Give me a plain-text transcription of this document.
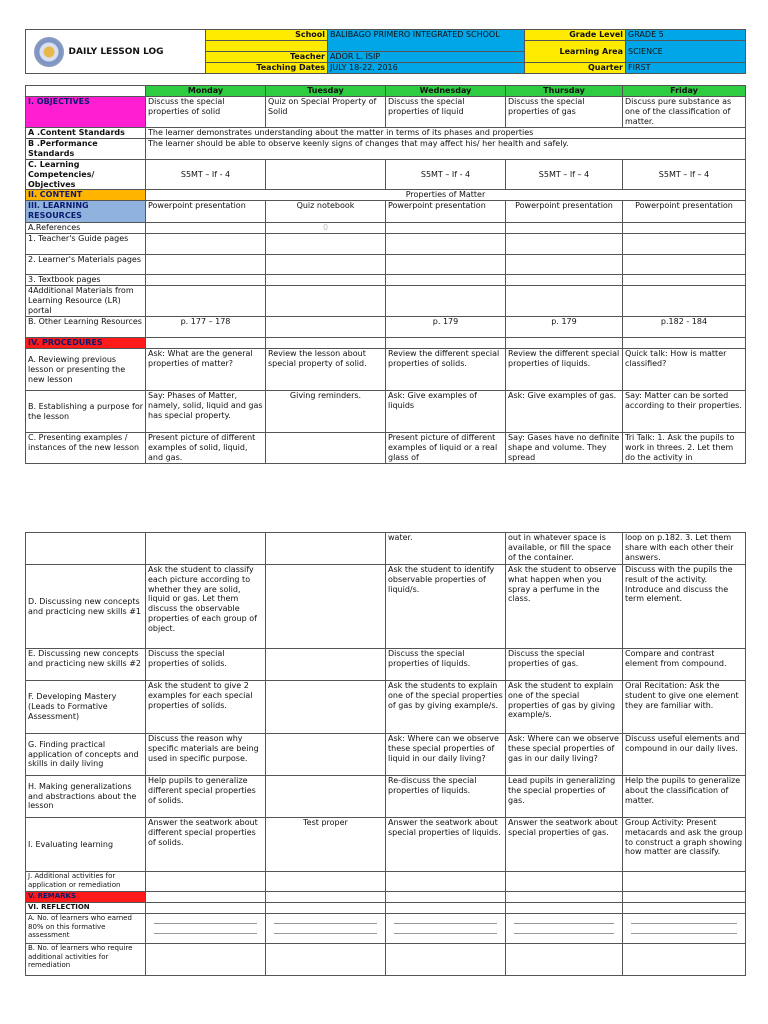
DAILY LESSON LOG	School	BALIBAGO PRIMERO INTEGRATED SCHOOL	Grade Level	GRADE 5
			Learning Area	SCIENCE
	Teacher	ADOR L. ISIP		
	Teaching Dates	JULY 18-22, 2016	Quarter	FIRST
	Monday	Tuesday	Wednesday	Thursday	Friday
I. OBJECTIVES	Discuss the special properties of solid	Quiz on Special Property of Solid	Discuss the special properties of liquid	Discuss the special properties of gas	Discuss pure substance as one of the classification of matter.
A .Content Standards	The learner demonstrates understanding about the matter in terms of its phases and properties				
B .Performance Standards	The learner should be able to observe keenly signs of changes that may affect his/ her health and safely.				
C. Learning Competencies/ Objectives	S5MT – If - 4		S5MT – If - 4	S5MT – If – 4	S5MT – If – 4
II. CONTENT	Properties of Matter				
III. LEARNING RESOURCES	Powerpoint presentation	Quiz notebook	Powerpoint presentation	Powerpoint presentation	Powerpoint presentation
A.References		0			
1. Teacher's Guide pages					
2. Learner's Materials pages					
3. Textbook pages					
4Additional Materials from Learning Resource (LR) portal					
B. Other Learning Resources	p. 177 – 178		p. 179	p. 179	p.182 - 184
IV. PROCEDURES					
A. Reviewing previous lesson or presenting the new lesson	Ask: What are the general properties of matter?	Review the lesson about special property of solid.	Review the different special properties of solids.	Review the different special properties of liquids.	Quick talk: How is matter classified?
B. Establishing a purpose for the lesson	Say: Phases of Matter, namely, solid, liquid and gas has special property.	Giving reminders.	Ask: Give examples of liquids	Ask: Give examples of gas.	Say: Matter can be sorted according to their properties.
C. Presenting examples / instances of the new lesson	Present picture of different examples of solid, liquid, and gas.		Present picture of different examples of liquid or a real glass of	Say: Gases have no definite shape and volume. They spread	Tri Talk: 1. Ask the pupils to work in threes. 2. Let them do the activity in
			water.	out in whatever space is available, or fill the space of the container.	loop on p.182. 3. Let them share with each other their answers.
D. Discussing new concepts and practicing new skills #1	Ask the student to classify each picture according to whether they are solid, liquid or gas. Let them discuss the observable properties of each group of object.		Ask the student to identify observable properties of liquid/s.	Ask the student to observe what happen when you spray a perfume in the class.	Discuss with the pupils the result of the activity. Introduce and discuss the term element.
E. Discussing new concepts and practicing new skills #2	Discuss the special properties of solids.		Discuss the special properties of liquids.	Discuss the special properties of gas.	Compare and contrast element from compound.
F. Developing Mastery (Leads to Formative Assessment)	Ask the student to give 2 examples for each special properties of solids.		Ask the students to explain one of the special properties of gas by giving example/s.	Ask the student to explain one of the special properties of gas by giving example/s.	Oral Recitation: Ask the student to give one element they are familiar with.
G. Finding practical application of concepts and skills in daily living	Discuss the reason why specific materials are being used in specific purpose.		Ask: Where can we observe these special properties of liquid in our daily living?	Ask: Where can we observe these special properties of gas in our daily living?	Discuss useful elements and compound in our daily lives.
H. Making generalizations and abstractions about the lesson	Help pupils to generalize different special properties of solids.		Re-discuss the special properties of liquids.	Lead pupils in generalizing the special properties of gas.	Help the pupils to generalize about the classification of matter.
I. Evaluating learning	Answer the seatwork about different special properties of solids.	Test proper	Answer the seatwork about special properties of liquids.	Answer the seatwork about special properties of gas.	Group Activity: Present metacards and ask the group to construct a graph showing how matter are classify.
J. Additional activities for application or remediation					
V. REMARKS					
VI. REFLECTION					
A. No. of learners who earned 80% on this formative assessment	

B. No. of learners who require additional activities for remediation					
